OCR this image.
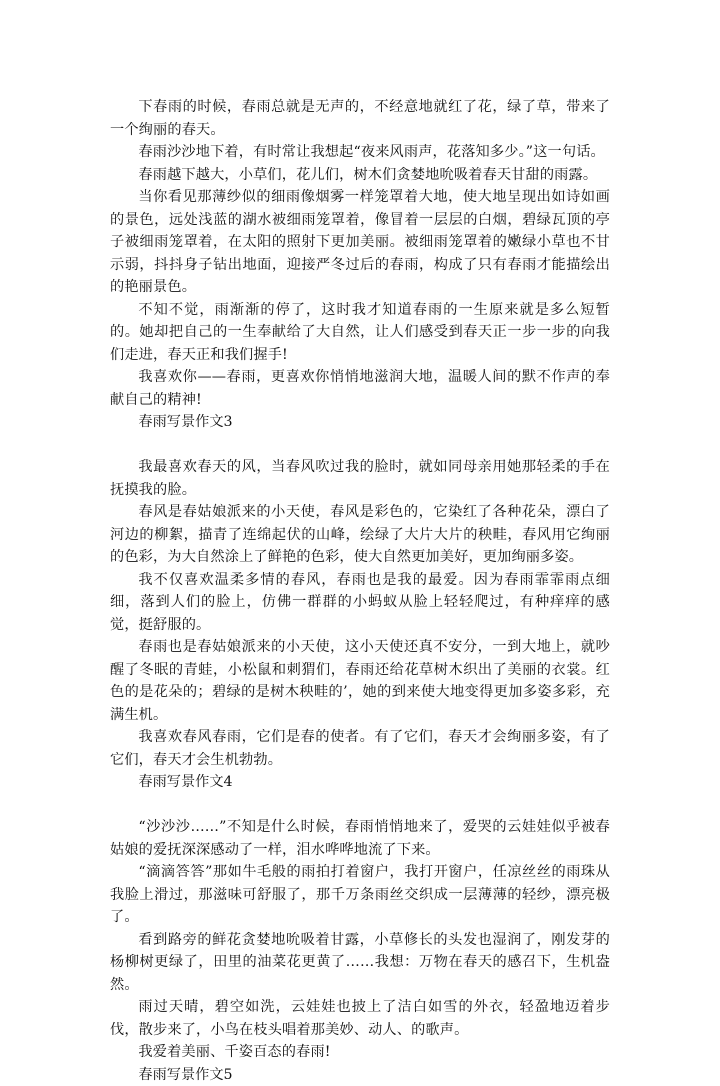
下春雨的时候，春雨总就是无声的，不经意地就红了花，绿了草，带来了一个绚丽的春天。

春雨沙沙地下着，有时常让我想起“夜来风雨声，花落知多少。”这一句话。

春雨越下越大，小草们，花儿们，树木们贪婪地吮吸着春天甘甜的雨露。

当你看见那薄纱似的细雨像烟雾一样笼罩着大地，使大地呈现出如诗如画的景色，远处浅蓝的湖水被细雨笼罩着，像冒着一层层的白烟，碧绿瓦顶的亭子被细雨笼罩着，在太阳的照射下更加美丽。被细雨笼罩着的嫩绿小草也不甘示弱，抖抖身子钻出地面，迎接严冬过后的春雨，构成了只有春雨才能描绘出的艳丽景色。

不知不觉，雨渐渐的停了，这时我才知道春雨的一生原来就是多么短暂的。她却把自己的一生奉献给了大自然，让人们感受到春天正一步一步的向我们走进，春天正和我们握手!

我喜欢你——春雨，更喜欢你悄悄地滋润大地，温暖人间的默不作声的奉献自己的精神!

春雨写景作文3

我最喜欢春天的风，当春风吹过我的脸时，就如同母亲用她那轻柔的手在抚摸我的脸。

春风是春姑娘派来的小天使，春风是彩色的，它染红了各种花朵，漂白了河边的柳絮，描青了连绵起伏的山峰，绘绿了大片大片的秧畦，春风用它绚丽的色彩，为大自然涂上了鲜艳的色彩，使大自然更加美好，更加绚丽多姿。

我不仅喜欢温柔多情的春风，春雨也是我的最爱。因为春雨霏霏雨点细细，落到人们的脸上，仿佛一群群的小蚂蚁从脸上轻轻爬过，有种痒痒的感觉，挺舒服的。

春雨也是春姑娘派来的小天使，这小天使还真不安分，一到大地上，就吵醒了冬眠的青蛙，小松鼠和刺猬们，春雨还给花草树木织出了美丽的衣裳。红色的是花朵的；碧绿的是树木秧畦的’，她的到来使大地变得更加多姿多彩，充满生机。

我喜欢春风春雨，它们是春的使者。有了它们，春天才会绚丽多姿，有了它们，春天才会生机勃勃。

春雨写景作文4

“沙沙沙……”不知是什么时候，春雨悄悄地来了，爱哭的云娃娃似乎被春姑娘的爱抚深深感动了一样，泪水哗哗地流了下来。

“滴滴答答”那如牛毛般的雨拍打着窗户，我打开窗户，任凉丝丝的雨珠从我脸上滑过，那滋味可舒服了，那千万条雨丝交织成一层薄薄的轻纱，漂亮极了。

看到路旁的鲜花贪婪地吮吸着甘露，小草修长的头发也湿润了，刚发芽的杨柳树更绿了，田里的油菜花更黄了……我想：万物在春天的感召下，生机盎然。

雨过天晴，碧空如洗，云娃娃也披上了洁白如雪的外衣，轻盈地迈着步伐，散步来了，小鸟在枝头唱着那美妙、动人、的歌声。

我爱着美丽、千姿百态的春雨!

春雨写景作文5
